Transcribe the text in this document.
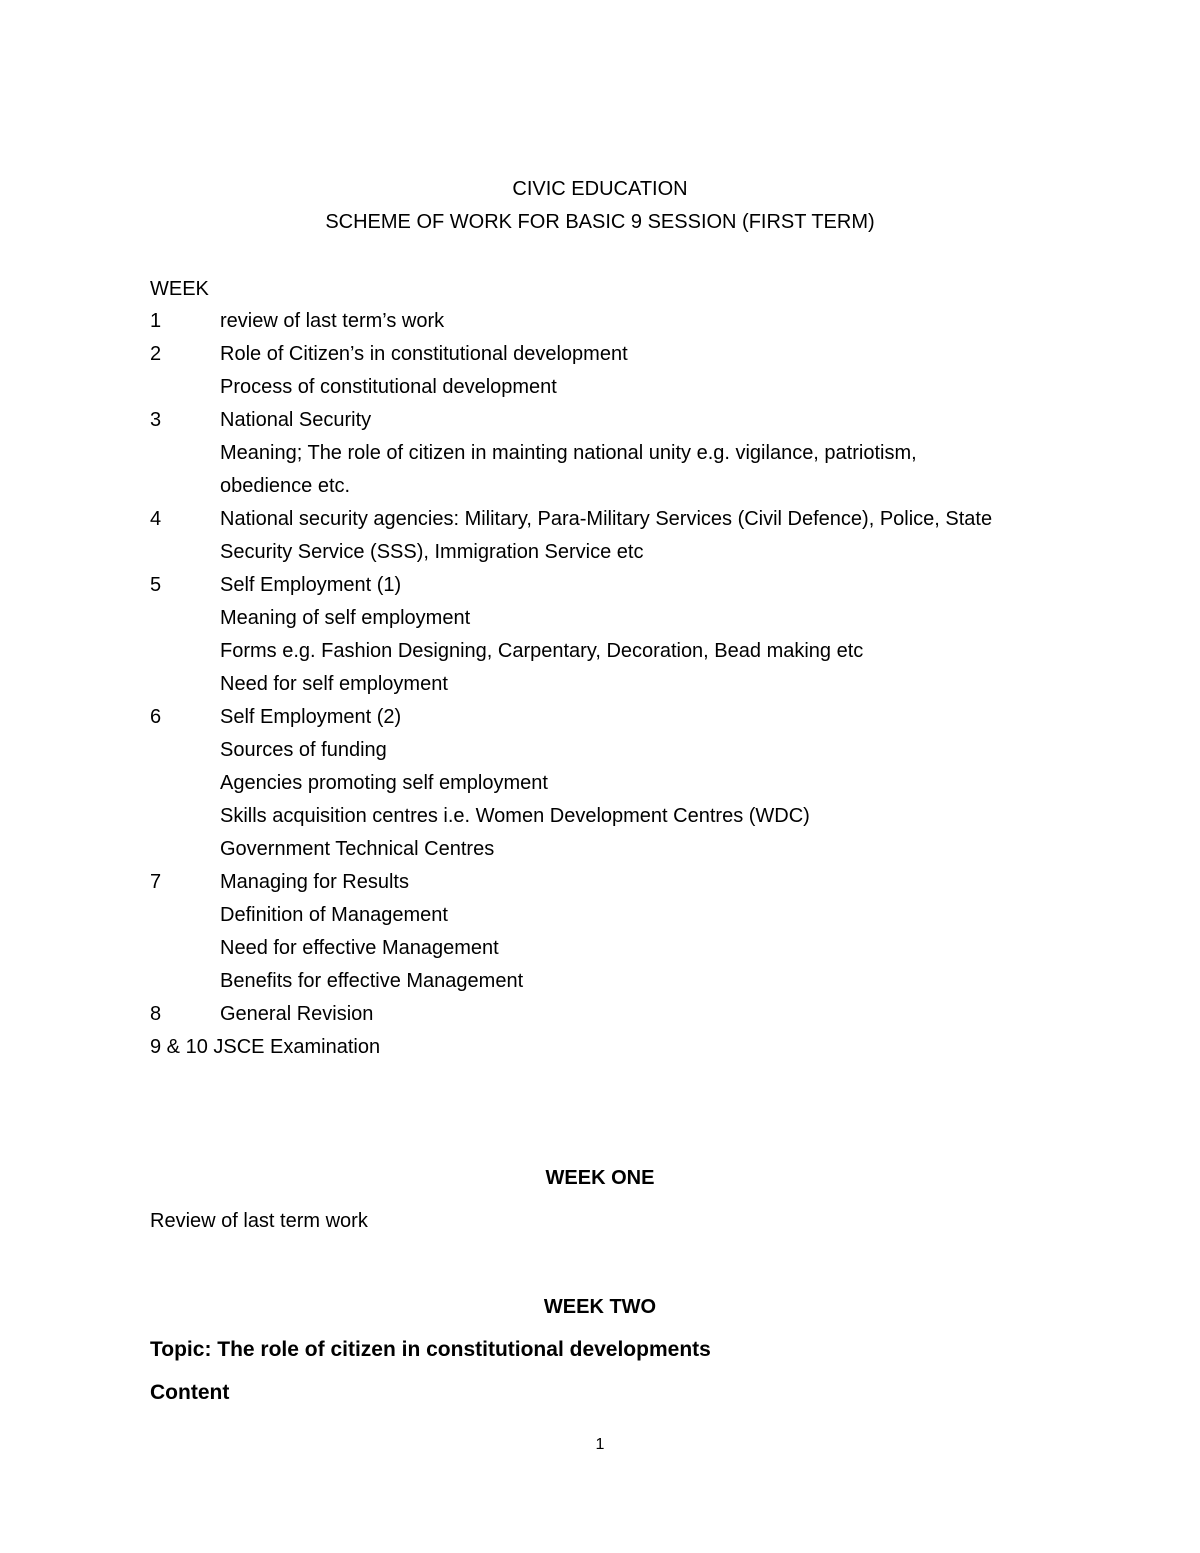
CIVIC EDUCATION
SCHEME OF WORK FOR BASIC 9 SESSION (FIRST TERM)
WEEK
1	review of last term’s work
2	Role of Citizen’s in constitutional development
Process of constitutional development
3	National Security
Meaning; The role of citizen in mainting national unity e.g. vigilance, patriotism,
obedience etc.
4	National security agencies: Military, Para-Military Services (Civil Defence), Police, State
Security Service (SSS), Immigration Service etc
5	Self Employment (1)
Meaning of self employment
Forms e.g. Fashion Designing, Carpentary, Decoration, Bead making etc
Need for self employment
6	Self Employment (2)
Sources of funding
Agencies promoting self employment
Skills acquisition centres i.e. Women Development Centres (WDC)
Government Technical Centres
7	Managing for Results
Definition of Management
Need for effective Management
Benefits for effective Management
8	General Revision
9 & 10 JSCE Examination
WEEK ONE
Review of last term work
WEEK TWO
Topic: The role of citizen in constitutional developments
Content
1
